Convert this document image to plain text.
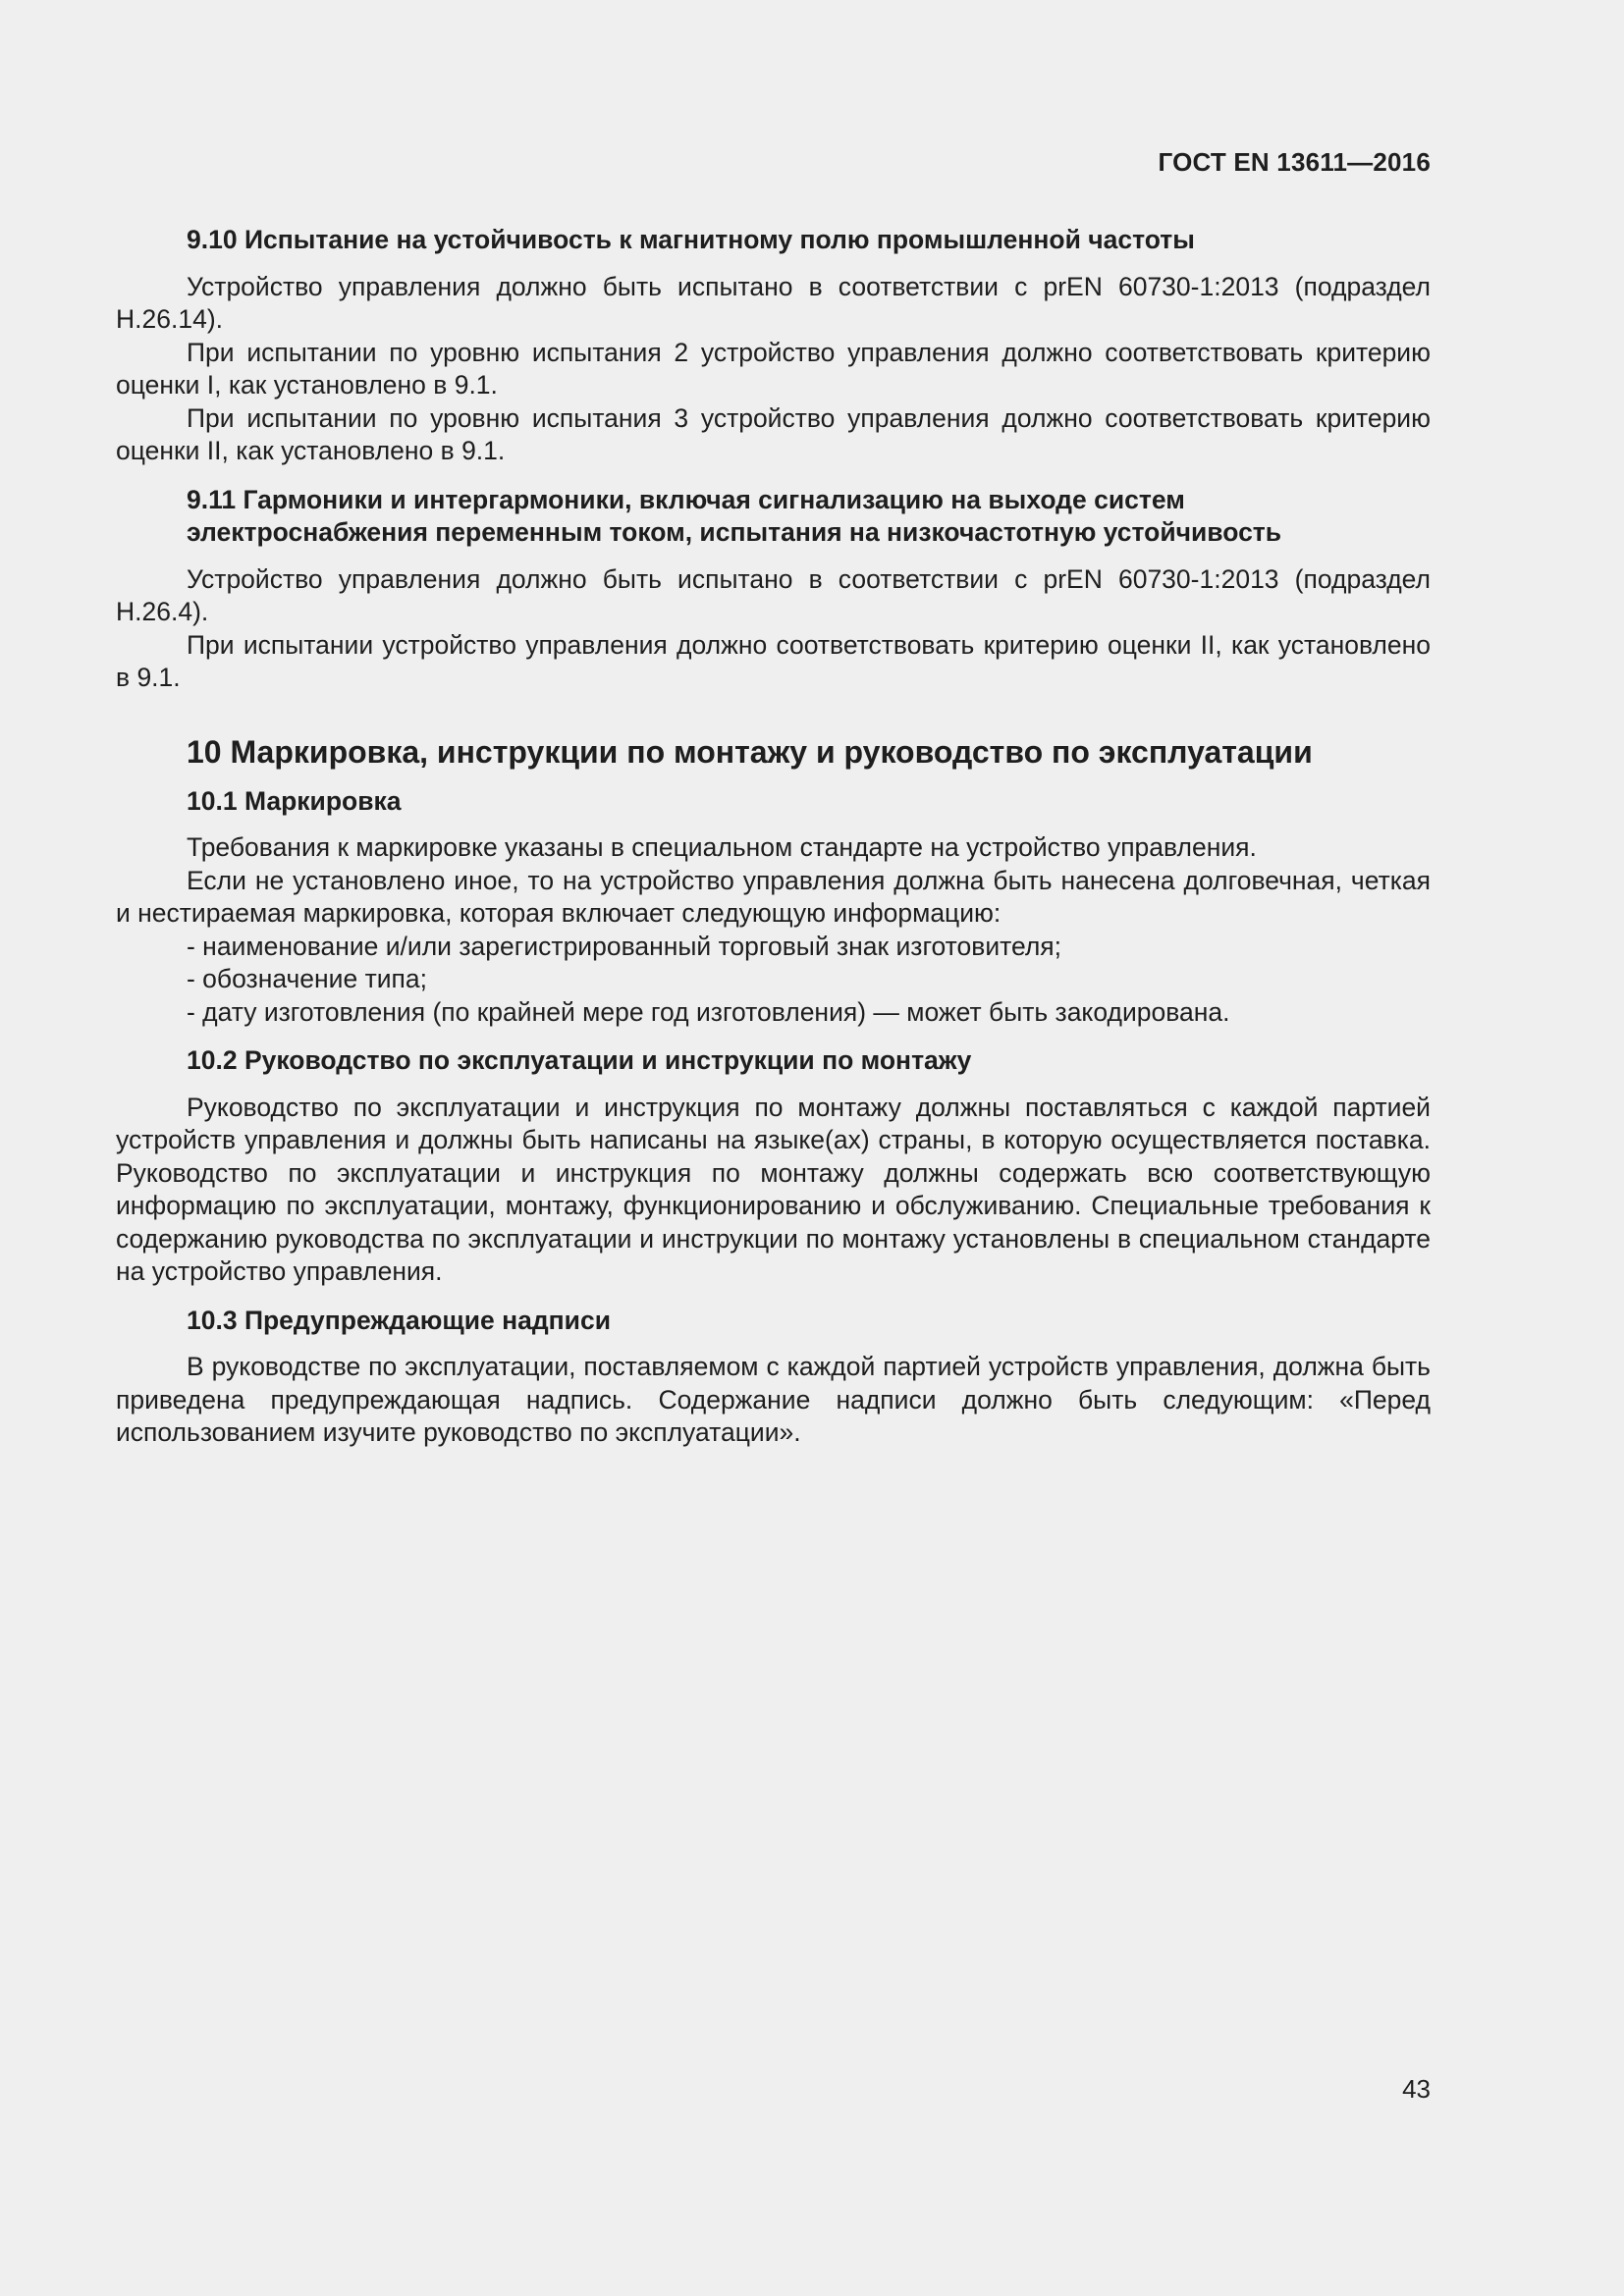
ГОСТ EN 13611—2016

9.10 Испытание на устойчивость к магнитному полю промышленной частоты

Устройство управления должно быть испытано в соответствии с prEN 60730-1:2013 (подраздел H.26.14).

При испытании по уровню испытания 2 устройство управления должно соответствовать критерию оценки I, как установлено в 9.1.

При испытании по уровню испытания 3 устройство управления должно соответствовать критерию оценки II, как установлено в 9.1.

9.11 Гармоники и интергармоники, включая сигнализацию на выходе систем

электроснабжения переменным током, испытания на низкочастотную устойчивость

Устройство управления должно быть испытано в соответствии с prEN 60730-1:2013 (подраздел H.26.4).

При испытании устройство управления должно соответствовать критерию оценки II, как установлено в 9.1.

10 Маркировка, инструкции по монтажу и руководство по эксплуатации

10.1 Маркировка

Требования к маркировке указаны в специальном стандарте на устройство управления.

Если не установлено иное, то на устройство управления должна быть нанесена долговечная, четкая и нестираемая маркировка, которая включает следующую информацию:

- наименование и/или зарегистрированный торговый знак изготовителя;

- обозначение типа;

- дату изготовления (по крайней мере год изготовления) — может быть закодирована.

10.2 Руководство по эксплуатации и инструкции по монтажу

Руководство по эксплуатации и инструкция по монтажу должны поставляться с каждой партией устройств управления и должны быть написаны на языке(ах) страны, в которую осуществляется поставка. Руководство по эксплуатации и инструкция по монтажу должны содержать всю соответствующую информацию по эксплуатации, монтажу, функционированию и обслуживанию. Специальные требования к содержанию руководства по эксплуатации и инструкции по монтажу установлены в специальном стандарте на устройство управления.

10.3 Предупреждающие надписи

В руководстве по эксплуатации, поставляемом с каждой партией устройств управления, должна быть приведена предупреждающая надпись. Содержание надписи должно быть следующим: «Перед использованием изучите руководство по эксплуатации».

43
